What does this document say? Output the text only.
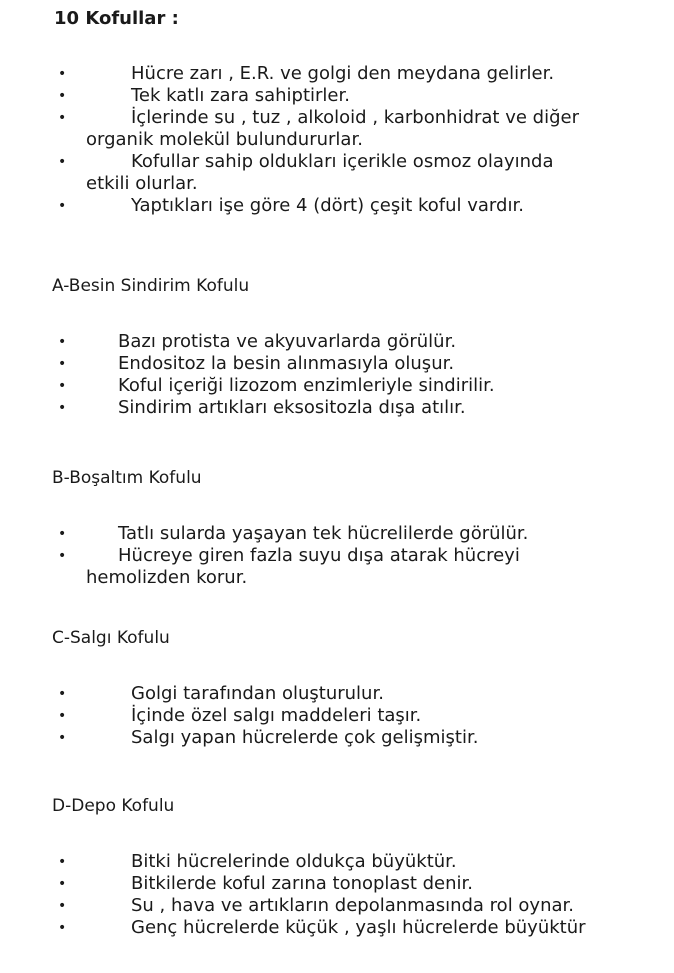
10 Kofullar :
•	Hücre zarı , E.R. ve golgi den meydana gelirler.
•	Tek katlı zara sahiptirler.
•	İçlerinde su , tuz , alkoloid , karbonhidrat ve diğer
organik molekül bulundururlar.
•	Kofullar sahip oldukları içerikle osmoz olayında
etkili olurlar.
•	Yaptıkları işe göre 4 (dört) çeşit koful vardır.
A-Besin Sindirim Kofulu
•	Bazı protista ve akyuvarlarda görülür.
•	Endositoz la besin alınmasıyla oluşur.
•	Koful içeriği lizozom enzimleriyle sindirilir.
•	Sindirim artıkları eksositozla dışa atılır.
B-Boşaltım Kofulu
•	Tatlı sularda yaşayan tek hücrelilerde görülür.
•	Hücreye giren fazla suyu dışa atarak hücreyi
hemolizden korur.
C-Salgı Kofulu
•	Golgi tarafından oluşturulur.
•	İçinde özel salgı maddeleri taşır.
•	Salgı yapan hücrelerde çok gelişmiştir.
D-Depo Kofulu
•	Bitki hücrelerinde oldukça büyüktür.
•	Bitkilerde koful zarına tonoplast denir.
•	Su , hava ve artıkların depolanmasında rol oynar.
•	Genç hücrelerde küçük , yaşlı hücrelerde büyüktür
